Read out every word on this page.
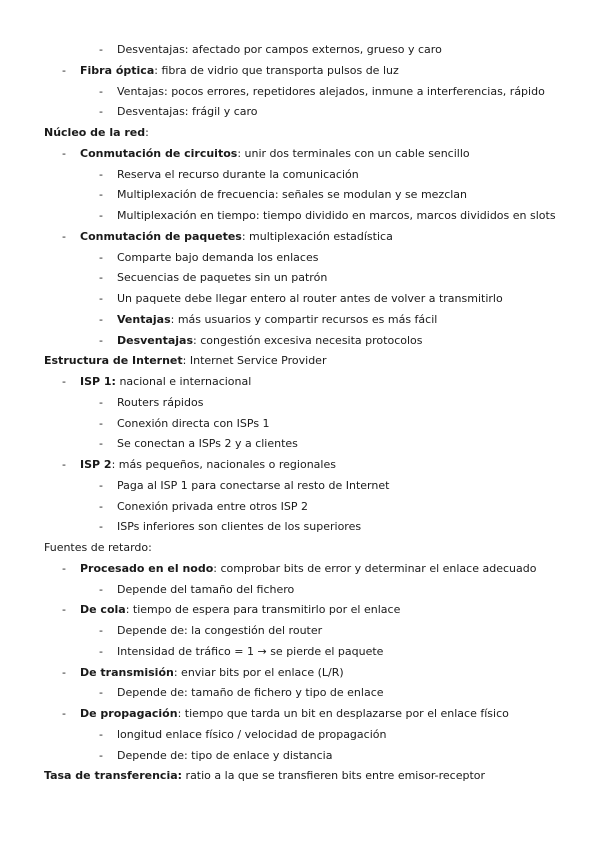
- Desventajas: afectado por campos externos, grueso y caro
- Fibra óptica: fibra de vidrio que transporta pulsos de luz
- Ventajas: pocos errores, repetidores alejados, inmune a interferencias, rápido
- Desventajas: frágil y caro
Núcleo de la red:
- Conmutación de circuitos: unir dos terminales con un cable sencillo
- Reserva el recurso durante la comunicación
- Multiplexación de frecuencia: señales se modulan y se mezclan
- Multiplexación en tiempo: tiempo dividido en marcos, marcos divididos en slots
- Conmutación de paquetes: multiplexación estadística
- Comparte bajo demanda los enlaces
- Secuencias de paquetes sin un patrón
- Un paquete debe llegar entero al router antes de volver a transmitirlo
- Ventajas: más usuarios y compartir recursos es más fácil
- Desventajas: congestión excesiva necesita protocolos
Estructura de Internet: Internet Service Provider
- ISP 1: nacional e internacional
- Routers rápidos
- Conexión directa con ISPs 1
- Se conectan a ISPs 2 y a clientes
- ISP 2: más pequeños, nacionales o regionales
- Paga al ISP 1 para conectarse al resto de Internet
- Conexión privada entre otros ISP 2
- ISPs inferiores son clientes de los superiores
Fuentes de retardo:
- Procesado en el nodo: comprobar bits de error y determinar el enlace adecuado
- Depende del tamaño del fichero
- De cola: tiempo de espera para transmitirlo por el enlace
- Depende de: la congestión del router
- Intensidad de tráfico = 1 → se pierde el paquete
- De transmisión: enviar bits por el enlace (L/R)
- Depende de: tamaño de fichero y tipo de enlace
- De propagación: tiempo que tarda un bit en desplazarse por el enlace físico
- longitud enlace físico / velocidad de propagación
- Depende de: tipo de enlace y distancia
Tasa de transferencia: ratio a la que se transfieren bits entre emisor-receptor
